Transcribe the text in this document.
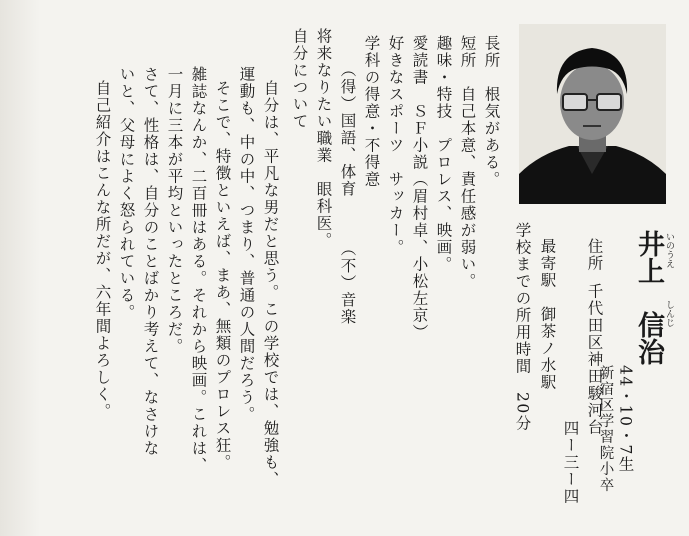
井上　信治 いのうえ
しんじ
44・10・7生
新宿区学習院小卒
住所
千代田区神田駿河台
四ー三ー四
最寄駅　御茶ノ水駅
学校までの所用時間　20分
長所　根気がある。
短所　自己本意、責任感が弱い。
趣味・特技　プロレス、映画。
愛読書　ＳＦ小説（眉村卓、小松左京）
好きなスポーツ　サッカー。
学科の得意・不得意
　　（得）国語、体育　　　（不）音楽
将来なりたい職業　眼科医。
自分について
自分は、平凡な男だと思う。この学校では、勉強も、
運動も、中の中、つまり、普通の人間だろう。
そこで、特徴といえば、まあ、無類のプロレス狂。
雑誌なんか、二百冊はある。それから映画。これは、
一月に三本が平均といったところだ。
さて、性格は、自分のことばかり考えて、なさけな
いと、父母によく怒られている。
自己紹介はこんな所だが、六年間よろしく。
